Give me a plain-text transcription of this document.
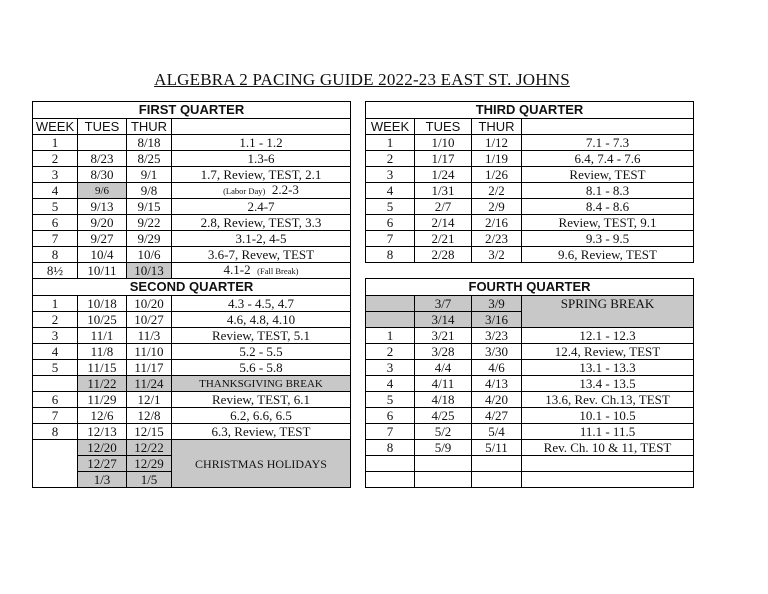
ALGEBRA 2 PACING GUIDE 2022-23 EAST ST. JOHNS
FIRST QUARTER			
WEEK	TUES	THUR	
1		8/18	1.1 - 1.2
2	8/23	8/25	1.3-6
3	8/30	9/1	1.7, Review, TEST, 2.1
4	9/6	9/8	(Labor Day) 2.2-3
5	9/13	9/15	2.4-7
6	9/20	9/22	2.8, Review, TEST, 3.3
7	9/27	9/29	3.1-2, 4-5
8	10/4	10/6	3.6-7, Revew, TEST
8½	10/11	10/13	4.1-2 (Fall Break)
SECOND QUARTER			
1	10/18	10/20	4.3 - 4.5, 4.7
2	10/25	10/27	4.6, 4.8, 4.10
3	11/1	11/3	Review, TEST, 5.1
4	11/8	11/10	5.2 - 5.5
5	11/15	11/17	5.6 - 5.8
	11/22	11/24	THANKSGIVING BREAK
6	11/29	12/1	Review, TEST, 6.1
7	12/6	12/8	6.2, 6.6, 6.5
8	12/13	12/15	6.3, Review, TEST
	12/20	12/22	CHRISTMAS HOLIDAYS
	12/27	12/29	
	1/3	1/5	
THIRD QUARTER			
WEEK	TUES	THUR	
1	1/10	1/12	7.1 - 7.3
2	1/17	1/19	6.4, 7.4 - 7.6
3	1/24	1/26	Review, TEST
4	1/31	2/2	8.1 - 8.3
5	2/7	2/9	8.4 - 8.6
6	2/14	2/16	Review, TEST, 9.1
7	2/21	2/23	9.3 - 9.5
8	2/28	3/2	9.6, Review, TEST

FOURTH QUARTER			
	3/7	3/9	SPRING BREAK
	3/14	3/16	
1	3/21	3/23	12.1 - 12.3
2	3/28	3/30	12.4, Review, TEST
3	4/4	4/6	13.1 - 13.3
4	4/11	4/13	13.4 - 13.5
5	4/18	4/20	13.6, Rev. Ch.13, TEST
6	4/25	4/27	10.1 - 10.5
7	5/2	5/4	11.1 - 11.5
8	5/9	5/11	Rev. Ch. 10 & 11, TEST
